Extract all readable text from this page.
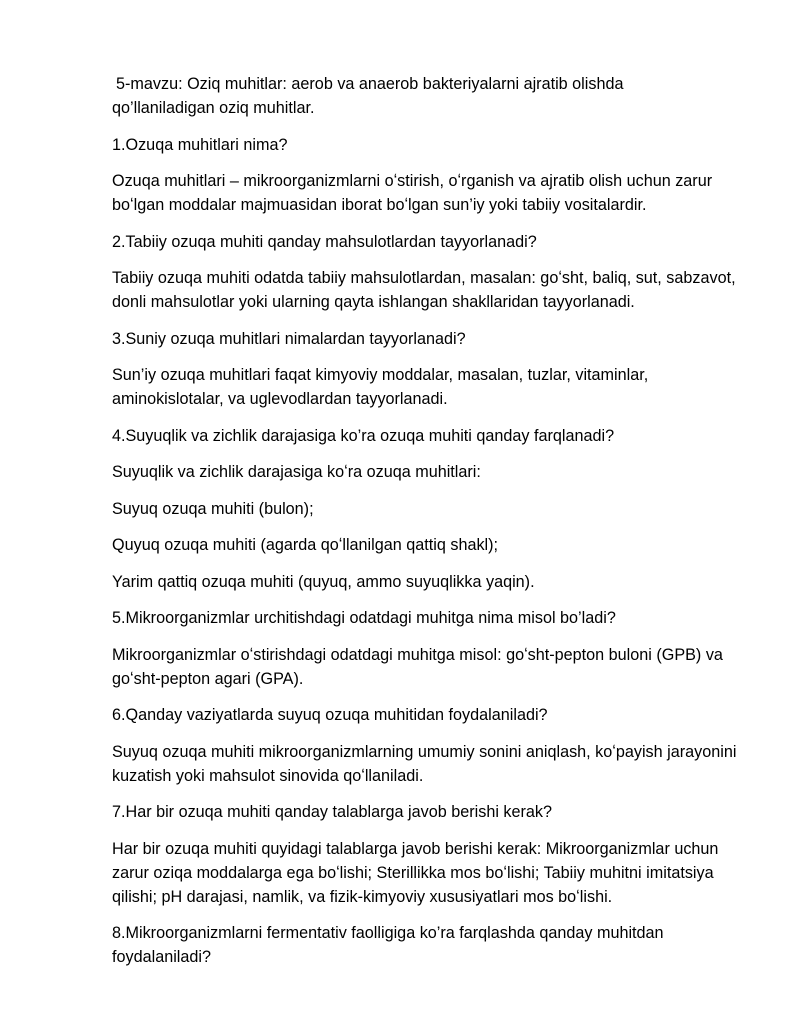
5-mavzu: Oziq muhitlar: aerob va anaerob bakteriyalarni ajratib olishda
qo’llaniladigan oziq muhitlar.

1.Ozuqa muhitlari nima?

Ozuqa muhitlari – mikroorganizmlarni oʻstirish, oʻrganish va ajratib olish uchun zarur boʻlgan moddalar majmuasidan iborat boʻlgan sun’iy yoki tabiiy vositalardir.

2.Tabiiy ozuqa muhiti qanday mahsulotlardan tayyorlanadi?

Tabiiy ozuqa muhiti odatda tabiiy mahsulotlardan, masalan: goʻsht, baliq, sut, sabzavot, donli mahsulotlar yoki ularning qayta ishlangan shakllaridan tayyorlanadi.

3.Suniy ozuqa muhitlari nimalardan tayyorlanadi?

Sun’iy ozuqa muhitlari faqat kimyoviy moddalar, masalan, tuzlar, vitaminlar, aminokislotalar, va uglevodlardan tayyorlanadi.

4.Suyuqlik va zichlik darajasiga ko’ra ozuqa muhiti qanday farqlanadi?

Suyuqlik va zichlik darajasiga koʻra ozuqa muhitlari:

Suyuq ozuqa muhiti (bulon);

Quyuq ozuqa muhiti (agarda qoʻllanilgan qattiq shakl);

Yarim qattiq ozuqa muhiti (quyuq, ammo suyuqlikka yaqin).

5.Mikroorganizmlar urchitishdagi odatdagi muhitga nima misol bo’ladi?

Mikroorganizmlar oʻstirishdagi odatdagi muhitga misol: goʻsht-pepton buloni (GPB) va goʻsht-pepton agari (GPA).

6.Qanday vaziyatlarda suyuq ozuqa muhitidan foydalaniladi?

Suyuq ozuqa muhiti mikroorganizmlarning umumiy sonini aniqlash, koʻpayish jarayonini kuzatish yoki mahsulot sinovida qoʻllaniladi.

7.Har bir ozuqa muhiti qanday talablarga javob berishi kerak?

Har bir ozuqa muhiti quyidagi talablarga javob berishi kerak: Mikroorganizmlar uchun zarur oziqa moddalarga ega boʻlishi; Sterillikka mos boʻlishi; Tabiiy muhitni imitatsiya qilishi; pH darajasi, namlik, va fizik-kimyoviy xususiyatlari mos boʻlishi.

8.Mikroorganizmlarni fermentativ faolligiga ko’ra farqlashda qanday muhitdan foydalaniladi?
